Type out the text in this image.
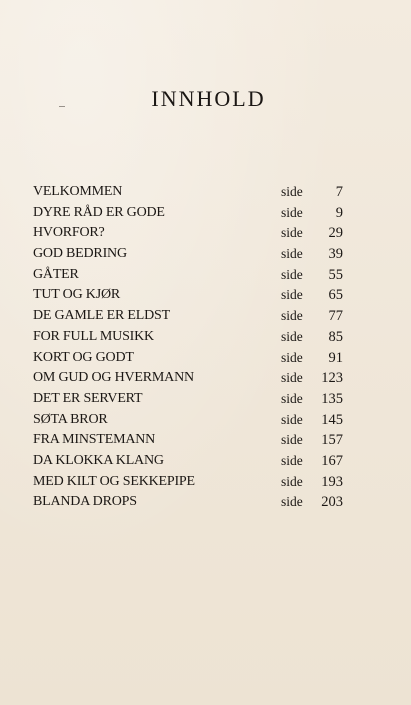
INNHOLD
VELKOMMEN	side	7
DYRE RÅD ER GODE	side	9
HVORFOR?	side	29
GOD BEDRING	side	39
GÅTER	side	55
TUT OG KJØR	side	65
DE GAMLE ER ELDST	side	77
FOR FULL MUSIKK	side	85
KORT OG GODT	side	91
OM GUD OG HVERMANN	side	123
DET ER SERVERT	side	135
SØTA BROR	side	145
FRA MINSTEMANN	side	157
DA KLOKKA KLANG	side	167
MED KILT OG SEKKEPIPE	side	193
BLANDA DROPS	side	203
